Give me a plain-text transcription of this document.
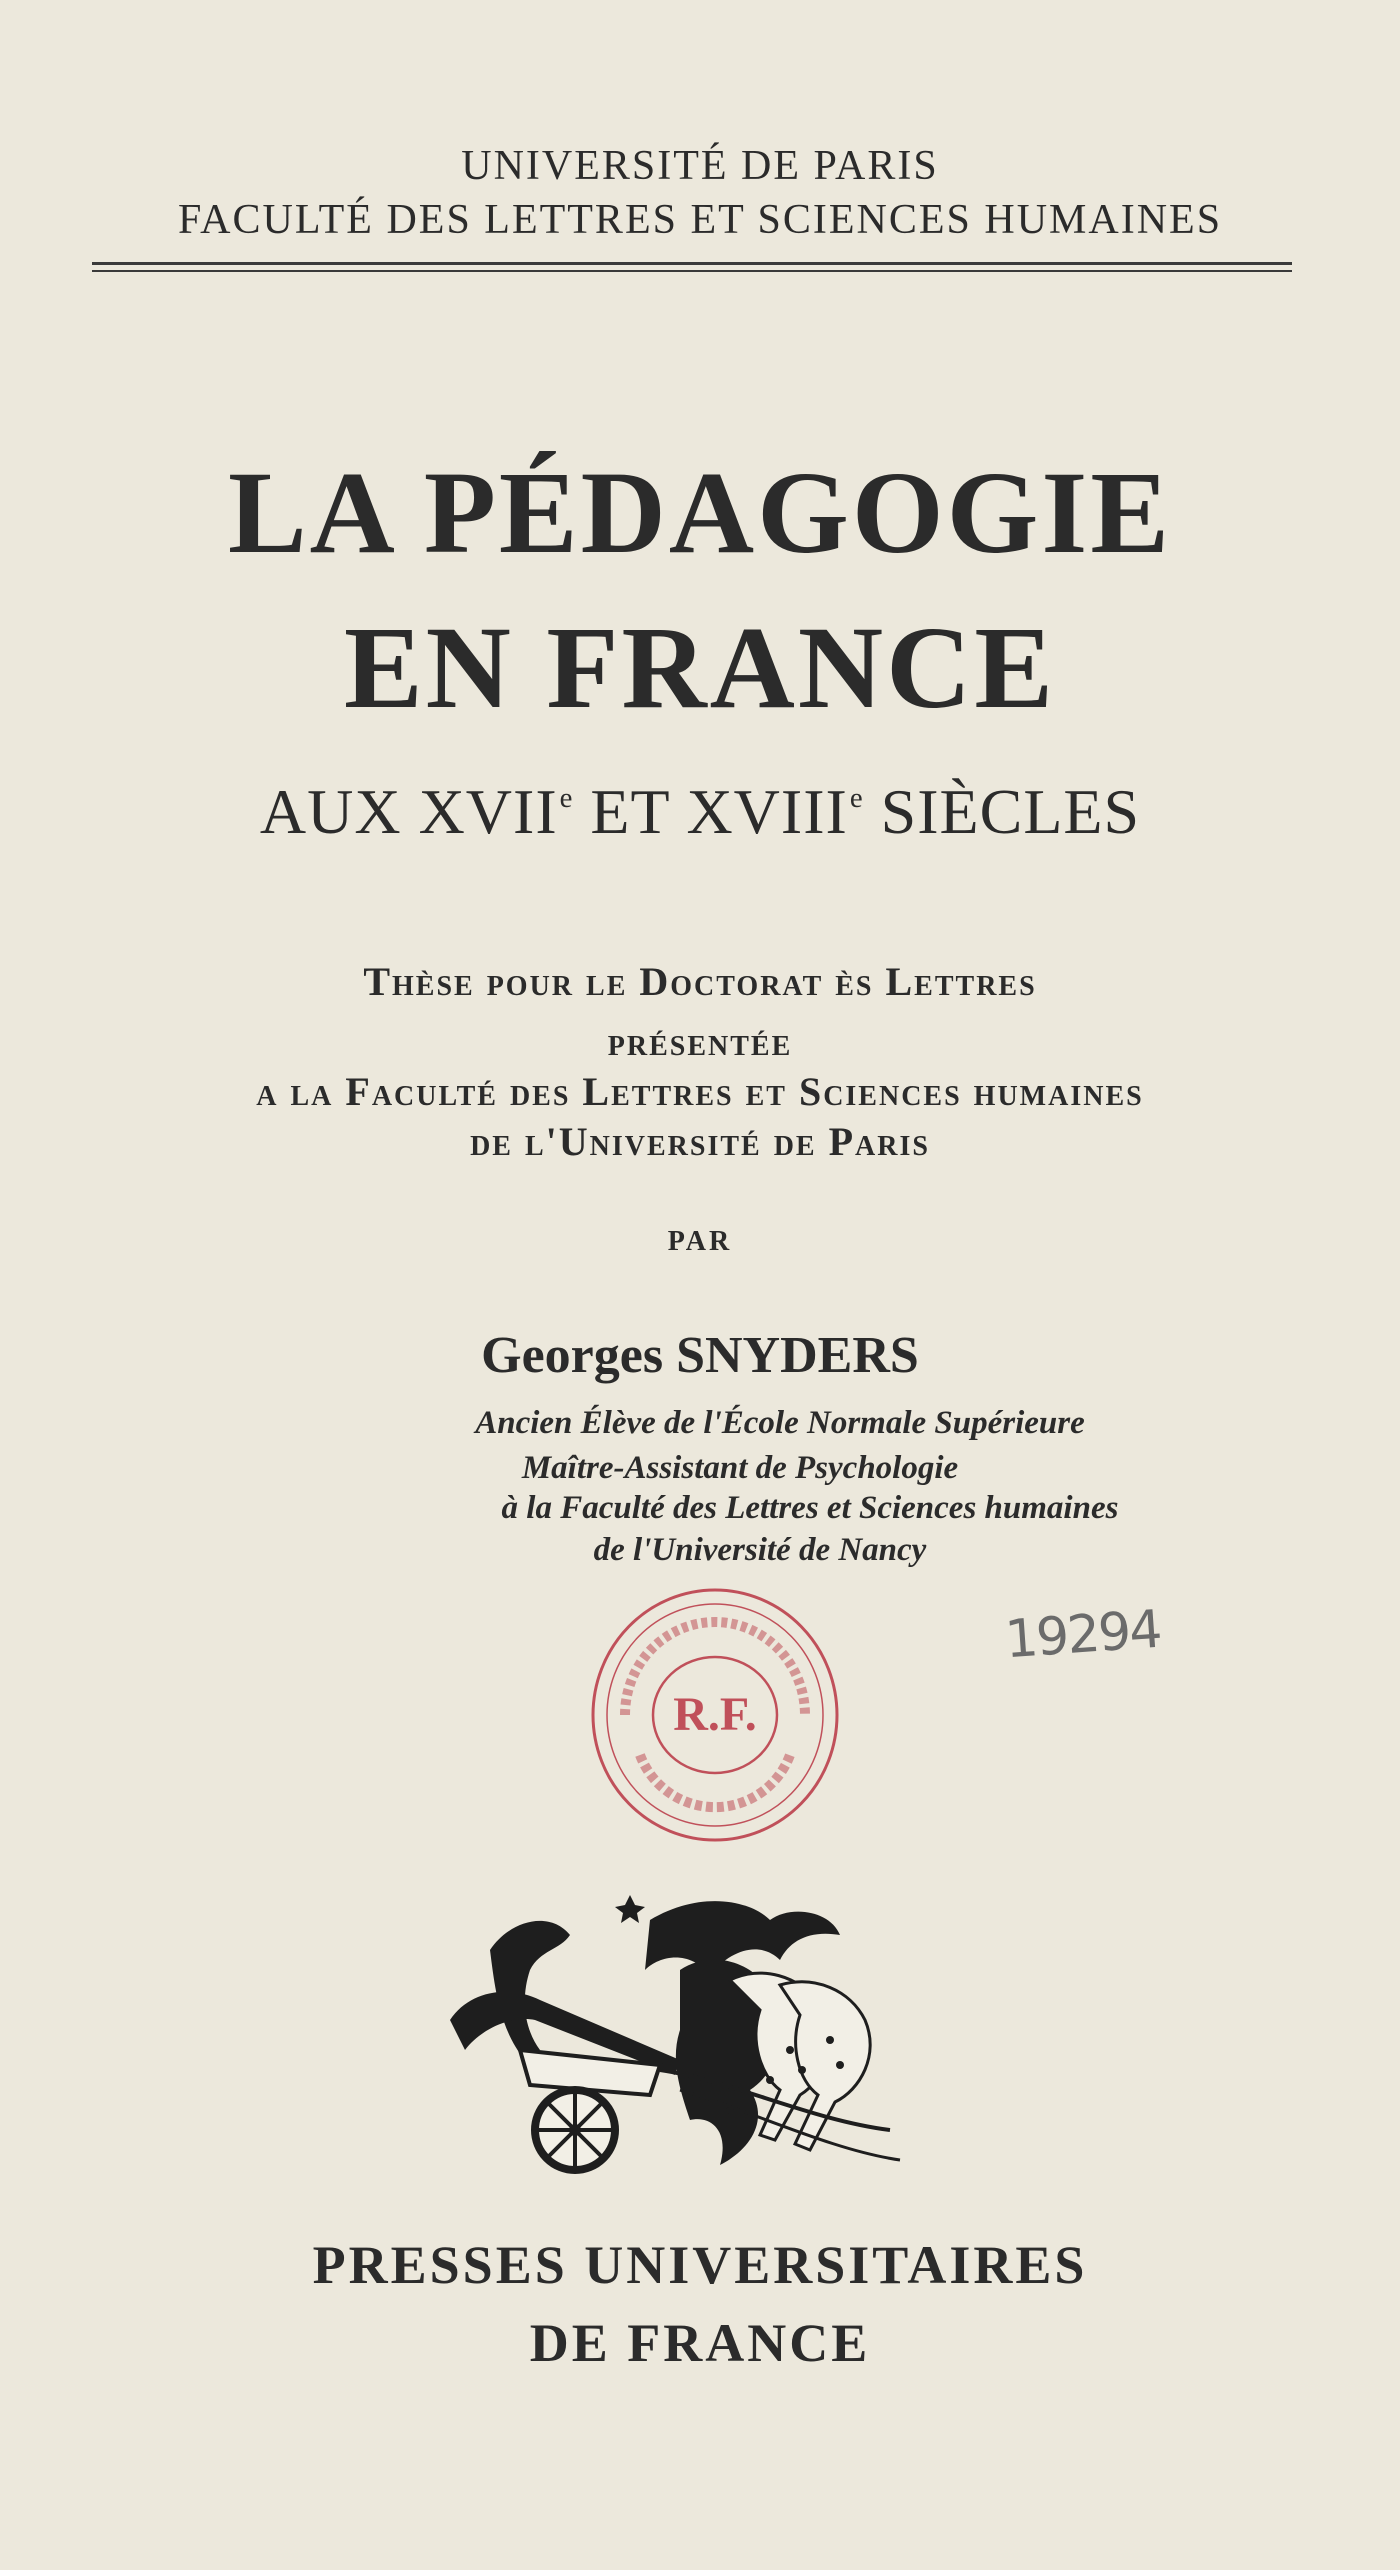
UNIVERSITÉ DE PARIS
FACULTÉ DES LETTRES ET SCIENCES HUMAINES
LA PÉDAGOGIE
EN FRANCE
AUX XVIIe ET XVIIIe SIÈCLES
Thèse pour le Doctorat ès Lettres
présentée
a la Faculté des Lettres et Sciences humaines
de l'Université de Paris
PAR
Georges SNYDERS
Ancien Élève de l'École Normale Supérieure
Maître-Assistant de Psychologie
à la Faculté des Lettres et Sciences humaines
de l'Université de Nancy
R.F.
19294
PRESSES UNIVERSITAIRES
DE FRANCE
